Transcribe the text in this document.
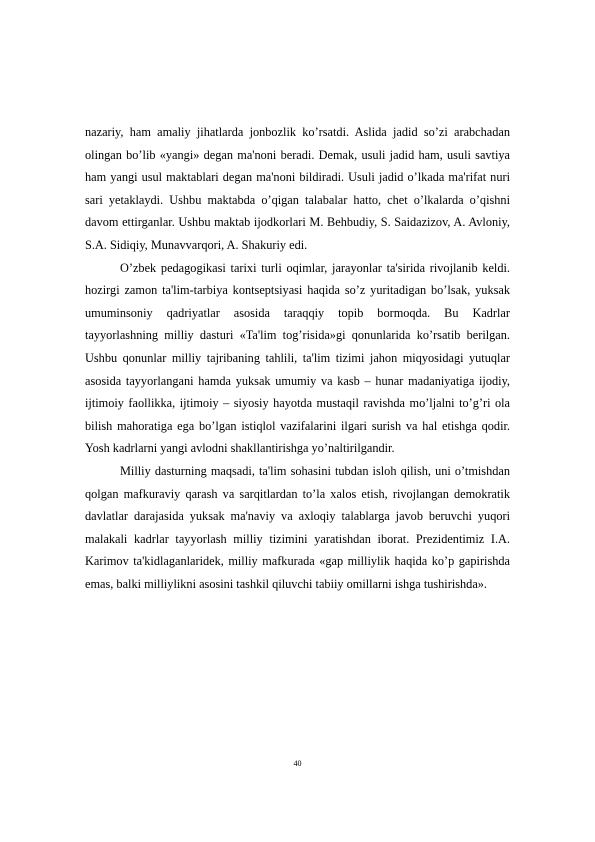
nazariy, ham amaliy jihatlarda jonbozlik ko’rsatdi. Aslida jadid so’zi arabchadan olingan bo’lib «yangi» degan ma'noni beradi. Demak, usuli jadid ham, usuli savtiya ham yangi usul maktablari degan ma'noni bildiradi. Usuli jadid o’lkada ma'rifat nuri sari yetaklaydi. Ushbu maktabda o’qigan talabalar hatto, chet o’lkalarda o’qishni davom ettirganlar. Ushbu maktab ijodkorlari M. Behbudiy, S. Saidazizov, A. Avloniy, S.A. Sidiqiy, Munavvarqori, A. Shakuriy edi.

O’zbek pedagogikasi tarixi turli oqimlar, jarayonlar ta'sirida rivojlanib keldi. hozirgi zamon ta'lim-tarbiya kontseptsiyasi haqida so’z yuritadigan bo’lsak, yuksak umuminsoniy qadriyatlar asosida taraqqiy topib bormoqda. Bu Kadrlar tayyorlashning milliy dasturi «Ta'lim tog’risida»gi qonunlarida ko’rsatib berilgan. Ushbu qonunlar milliy tajribaning tahlili, ta'lim tizimi jahon miqyosidagi yutuqlar asosida tayyorlangani hamda yuksak umumiy va kasb – hunar madaniyatiga ijodiy, ijtimoiy faollikka, ijtimoiy – siyosiy hayotda mustaqil ravishda mo’ljalni to’g’ri ola bilish mahoratiga ega bo’lgan istiqlol vazifalarini ilgari surish va hal etishga qodir. Yosh kadrlarni yangi avlodni shakllantirishga yo’naltirilgandir.

Milliy dasturning maqsadi, ta'lim sohasini tubdan isloh qilish, uni o’tmishdan qolgan mafkuraviy qarash va sarqitlardan to’la xalos etish, rivojlangan demokratik davlatlar darajasida yuksak ma'naviy va axloqiy talablarga javob beruvchi yuqori malakali kadrlar tayyorlash milliy tizimini yaratishdan iborat. Prezidentimiz I.A. Karimov ta'kidlaganlaridek, milliy mafkurada «gap milliylik haqida ko’p gapirishda emas, balki milliylikni asosini tashkil qiluvchi tabiiy omillarni ishga tushirishda».

40
